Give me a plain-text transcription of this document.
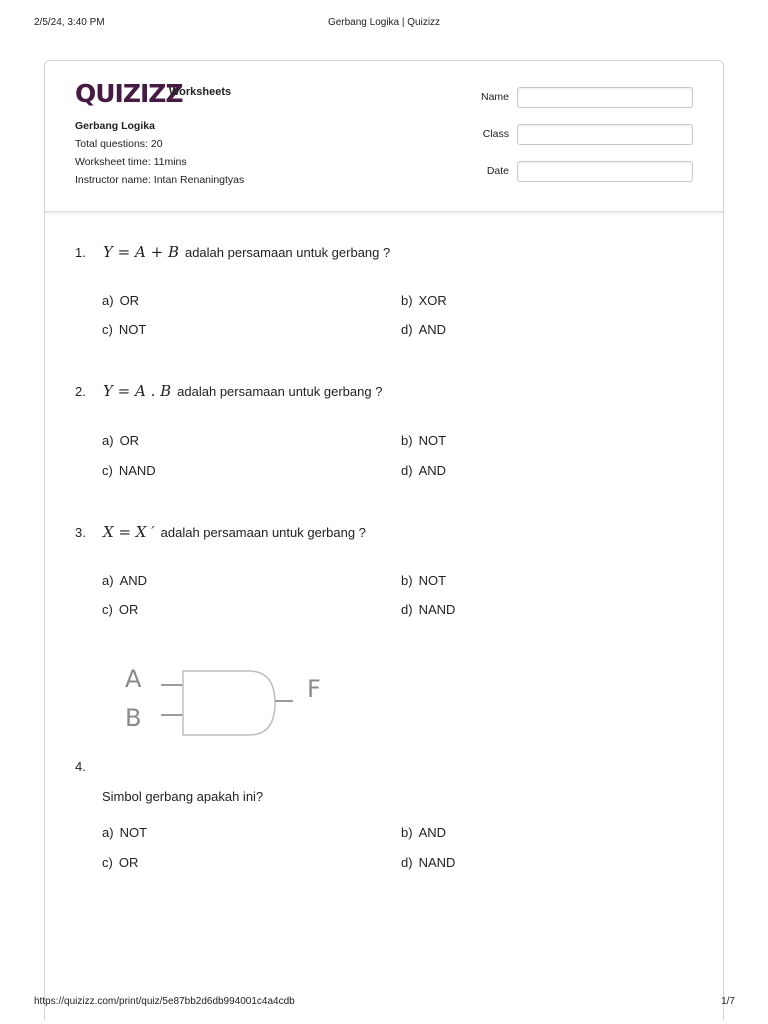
2/5/24, 3:40 PM	Gerbang Logika | Quizizz
QUIZIZZ
Worksheets
Gerbang Logika
Total questions: 20
Worksheet time: 11mins
Instructor name: Intan Renaningtyas
Name
Class
Date
1. Y = A + B adalah persamaan untuk gerbang ?
a) OR	b) XOR
c) NOT	d) AND
2. Y = A . B adalah persamaan untuk gerbang ?
a) OR	b) NOT
c) NAND	d) AND
3. X = X ′ adalah persamaan untuk gerbang ?
a) AND	b) NOT
c) OR	d) NAND
A
B
F
4.
Simbol gerbang apakah ini?
a) NOT	b) AND
c) OR	d) NAND
https://quizizz.com/print/quiz/5e87bb2d6db994001c4a4cdb	1/7
